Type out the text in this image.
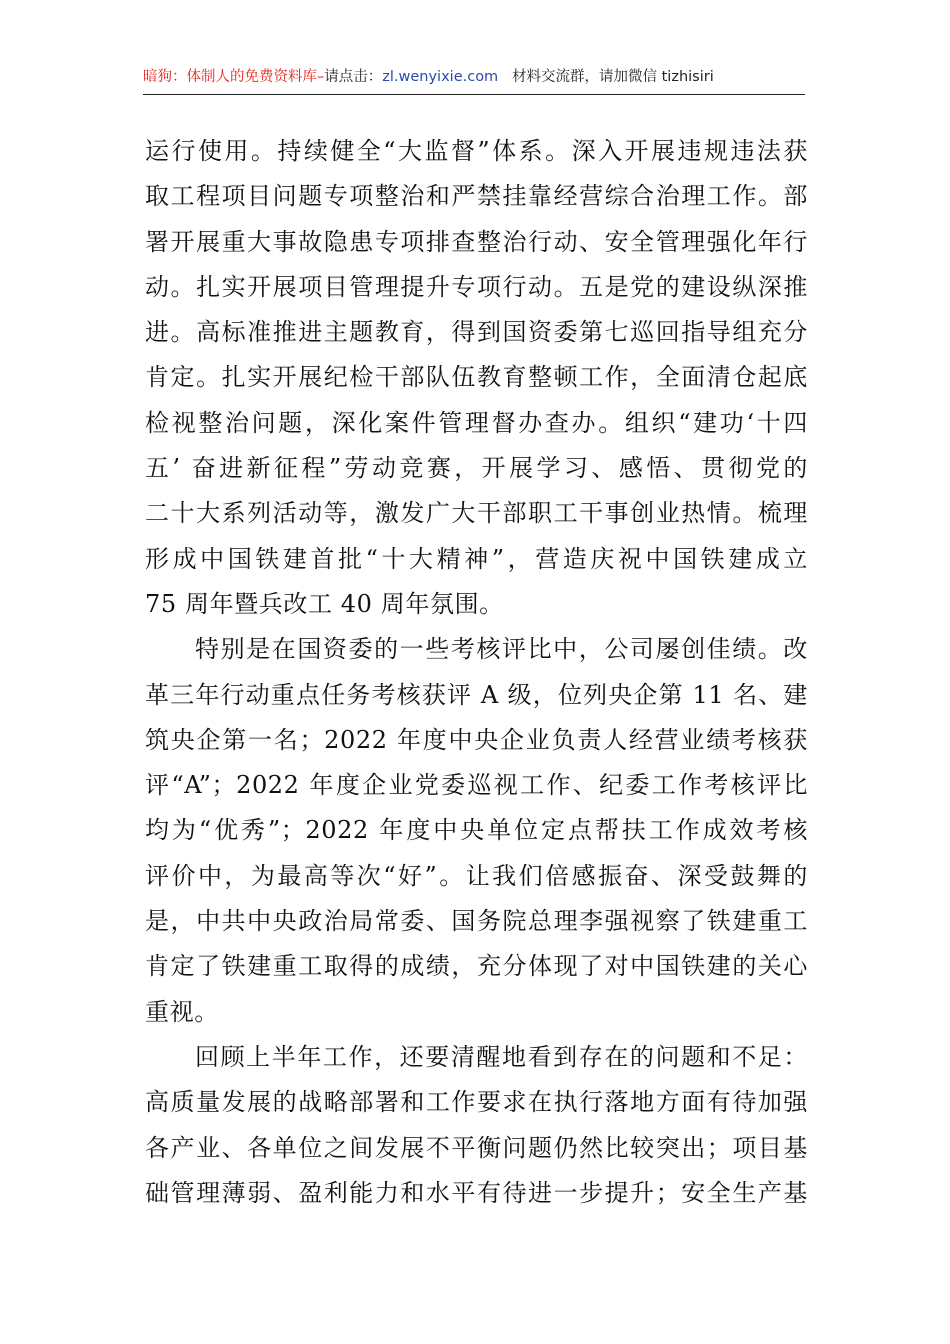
暗狗：体制人的免费资料库–请点击：zl.wenyixie.com 材料交流群，请加微信 tizhisiri
运行使用。持续健全“大监督”体系。深入开展违规违法获
取工程项目问题专项整治和严禁挂靠经营综合治理工作。部
署开展重大事故隐患专项排查整治行动、安全管理强化年行
动。扎实开展项目管理提升专项行动。五是党的建设纵深推
进。高标准推进主题教育，得到国资委第七巡回指导组充分
肯定。扎实开展纪检干部队伍教育整顿工作，全面清仓起底
检视整治问题，深化案件管理督办查办。组织“建功‘十四
五’ 奋进新征程”劳动竞赛，开展学习、感悟、贯彻党的
二十大系列活动等，激发广大干部职工干事创业热情。梳理
形成中国铁建首批“十大精神”，营造庆祝中国铁建成立
75 周年暨兵改工 40 周年氛围。
特别是在国资委的一些考核评比中，公司屡创佳绩。改
革三年行动重点任务考核获评 A 级，位列央企第 11 名、建
筑央企第一名；2022 年度中央企业负责人经营业绩考核获
评“A”；2022 年度企业党委巡视工作、纪委工作考核评比
均为“优秀”；2022 年度中央单位定点帮扶工作成效考核
评价中，为最高等次“好”。让我们倍感振奋、深受鼓舞的
是，中共中央政治局常委、国务院总理李强视察了铁建重工
肯定了铁建重工取得的成绩，充分体现了对中国铁建的关心
重视。
回顾上半年工作，还要清醒地看到存在的问题和不足：
高质量发展的战略部署和工作要求在执行落地方面有待加强
各产业、各单位之间发展不平衡问题仍然比较突出；项目基
础管理薄弱、盈利能力和水平有待进一步提升；安全生产基
